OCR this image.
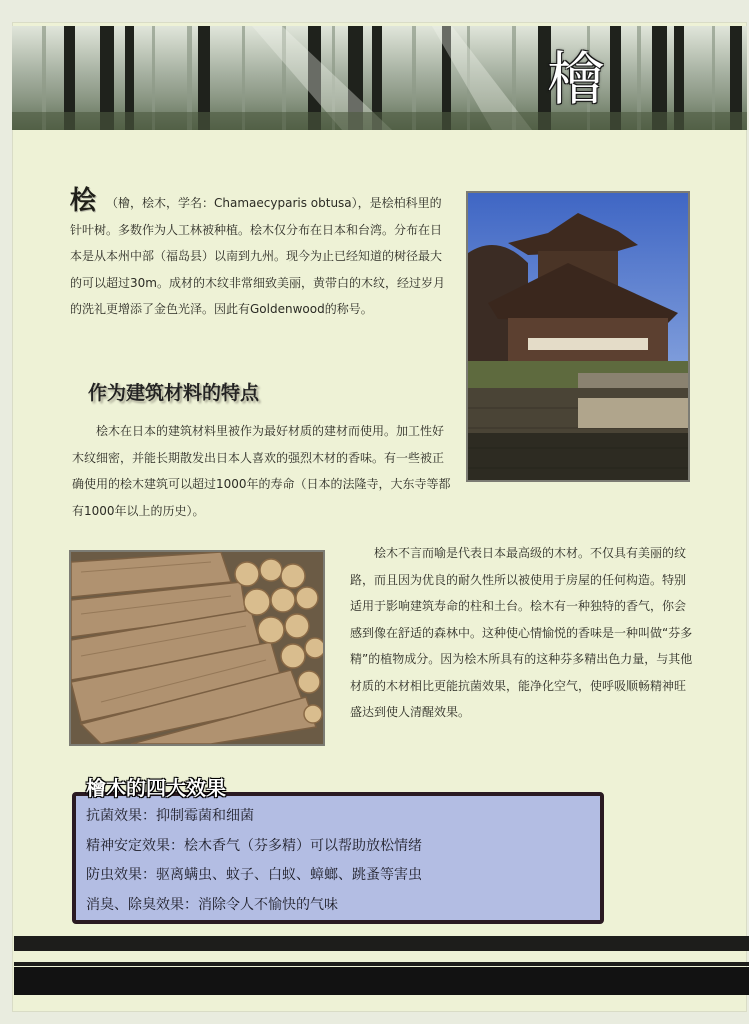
檜
桧 （檜，桧木，学名：Chamaecyparis obtusa），是桧柏科里的针叶树。多数作为人工林被种植。桧木仅分布在日本和台湾。分布在日本是从本州中部（福岛县）以南到九州。现今为止已经知道的树径最大的可以超过30m。成材的木纹非常细致美丽，黄带白的木纹，经过岁月的洗礼更增添了金色光泽。因此有Goldenwood的称号。
作为建筑材料的特点
桧木在日本的建筑材料里被作为最好材质的建材而使用。加工性好木纹细密，并能长期散发出日本人喜欢的强烈木材的香味。有一些被正确使用的桧木建筑可以超过1000年的寿命（日本的法隆寺，大东寺等都有1000年以上的历史）。
桧木不言而喻是代表日本最高级的木材。不仅具有美丽的纹路，而且因为优良的耐久性所以被使用于房屋的任何构造。特别适用于影响建筑寿命的柱和土台。桧木有一种独特的香气，你会感到像在舒适的森林中。这种使心情愉悦的香味是一种叫做“芬多精”的植物成分。因为桧木所具有的这种芬多精出色力量，与其他材质的木材相比更能抗菌效果，能净化空气，使呼吸顺畅精神旺盛达到使人清醒效果。
抗菌效果：抑制霉菌和细菌
精神安定效果：桧木香气（芬多精）可以帮助放松情绪
防虫效果：驱离螨虫、蚊子、白蚁、蟑螂、跳蚤等害虫
消臭、除臭效果：消除令人不愉快的气味
檜木的四大效果
